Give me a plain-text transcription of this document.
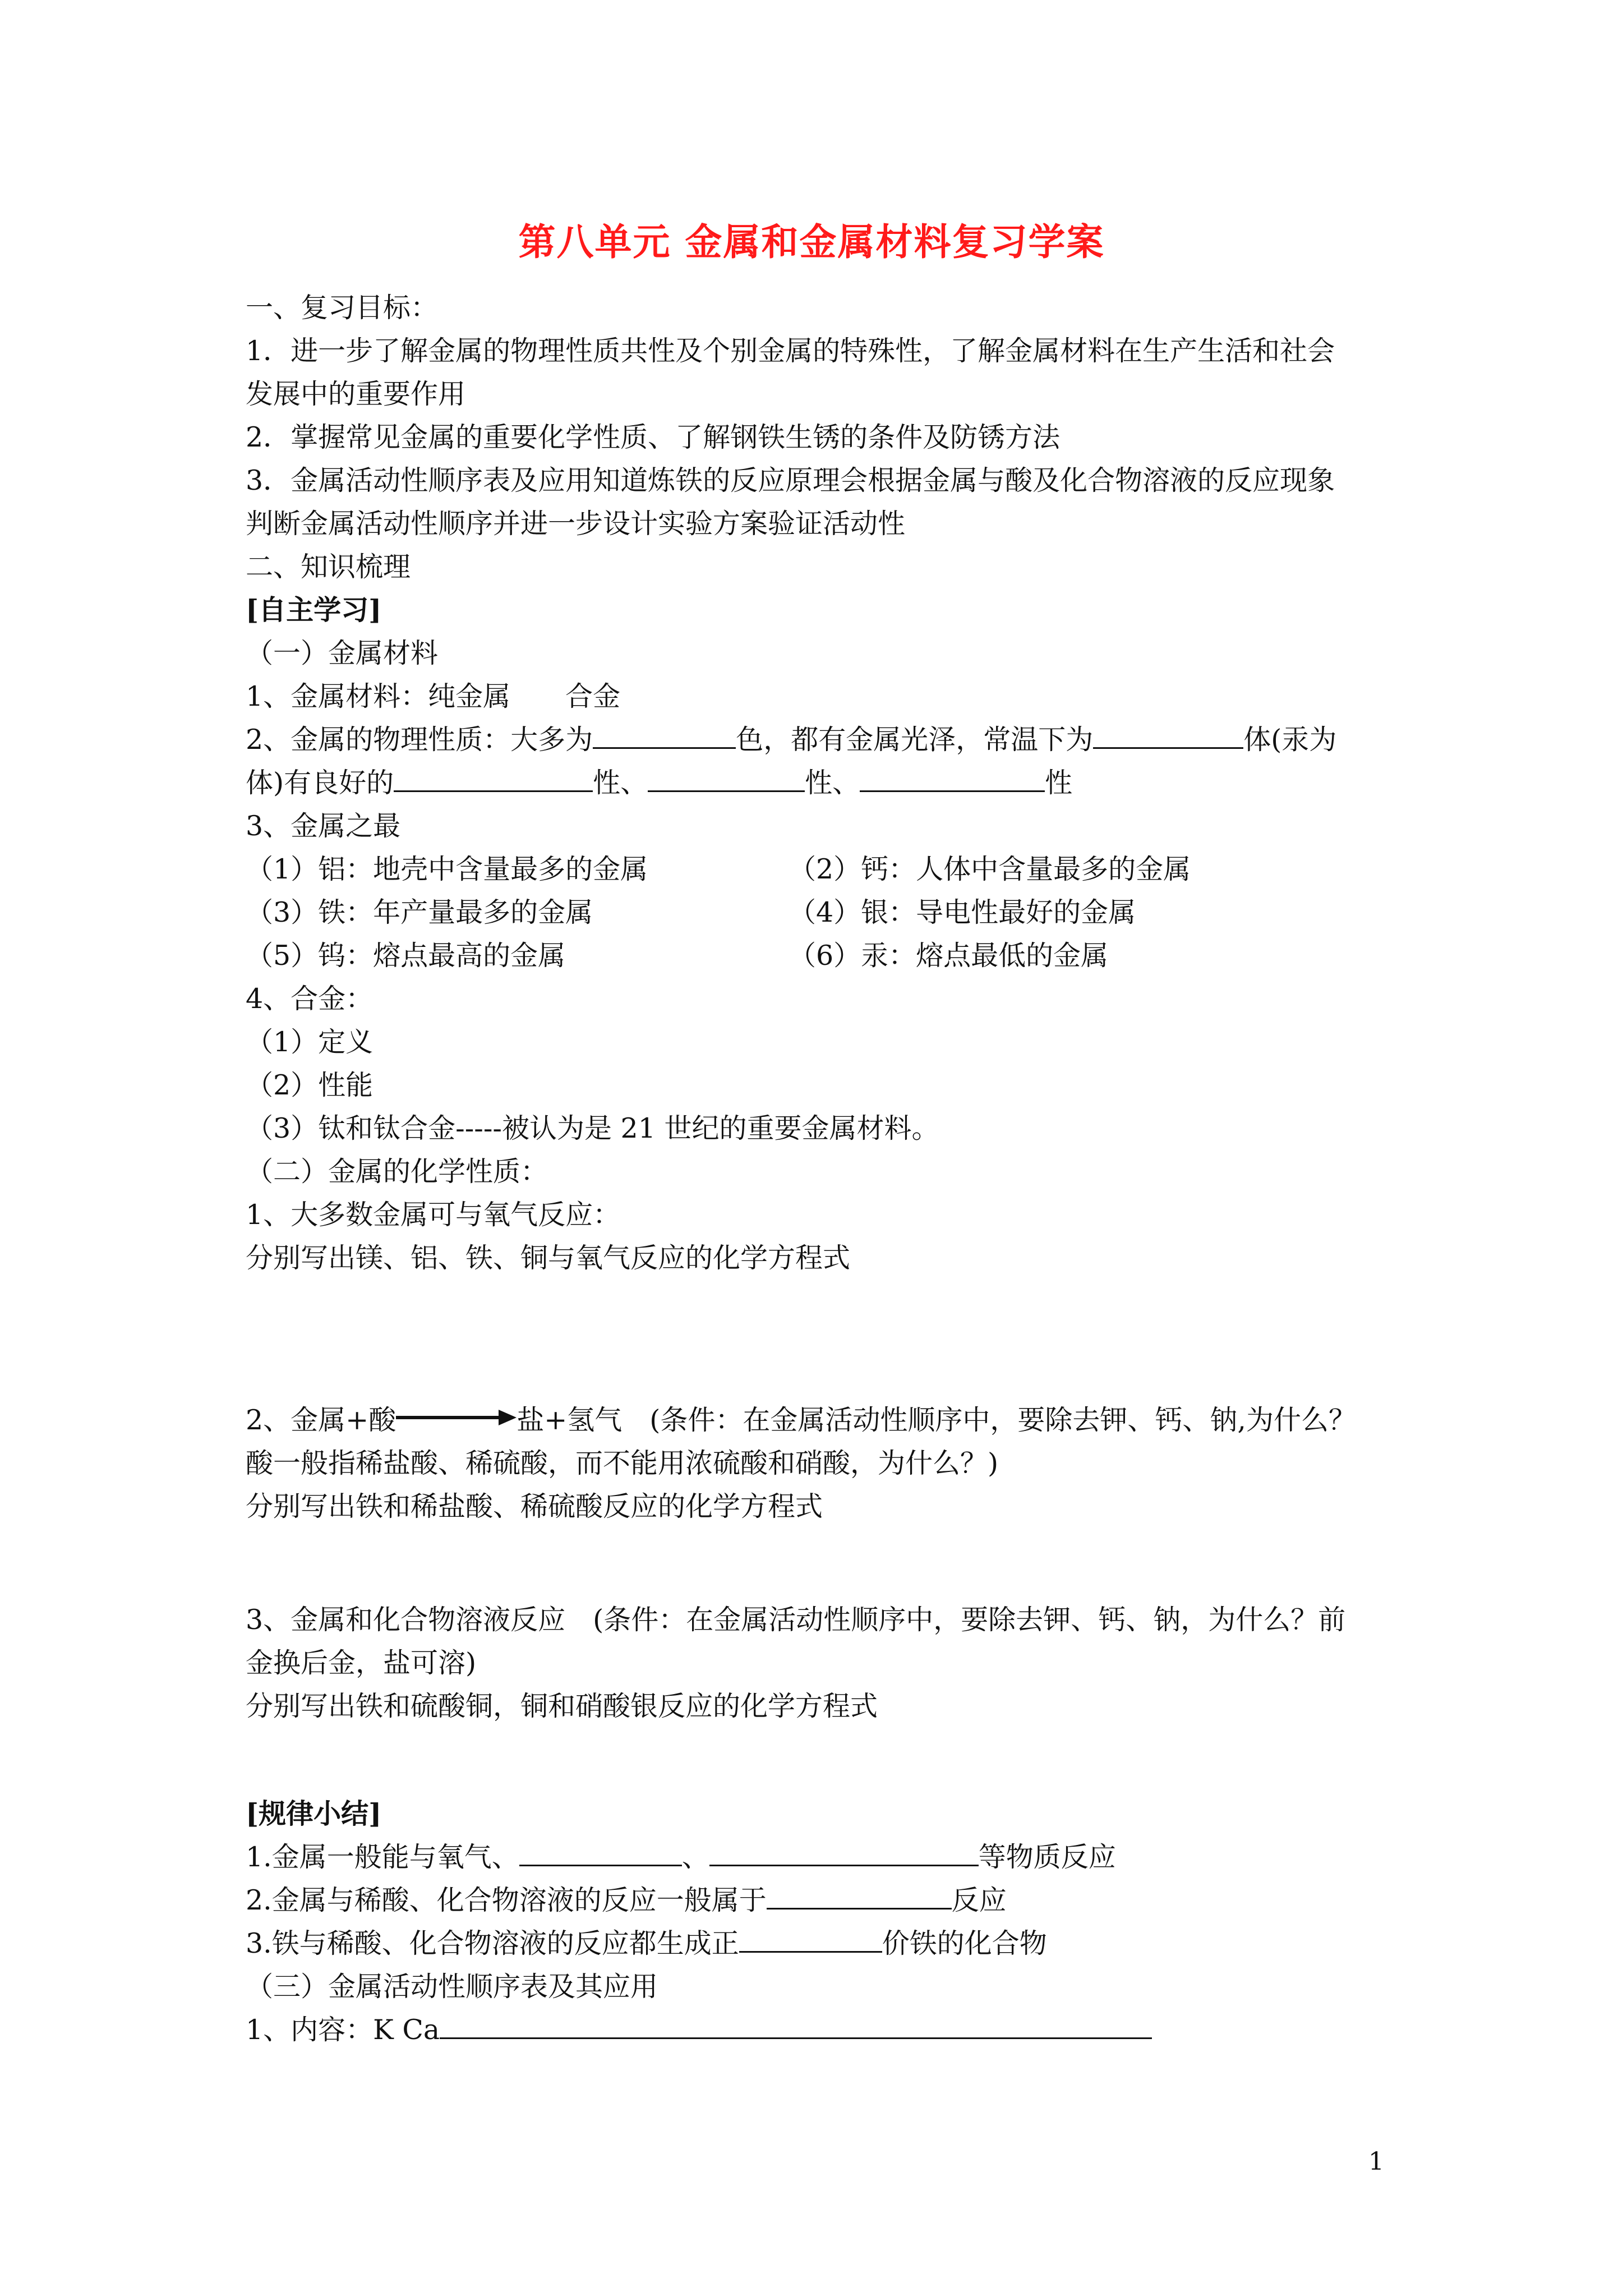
第八单元 金属和金属材料复习学案
一、复习目标：
1．进一步了解金属的物理性质共性及个别金属的特殊性，了解金属材料在生产生活和社会
发展中的重要作用
2．掌握常见金属的重要化学性质、了解钢铁生锈的条件及防锈方法
3．金属活动性顺序表及应用知道炼铁的反应原理会根据金属与酸及化合物溶液的反应现象
判断金属活动性顺序并进一步设计实验方案验证活动性
二、知识梳理
[自主学习]
（一）金属材料
1、金属材料：纯金属　　合金
2、金属的物理性质：大多为	色，都有金属光泽，常温下为	体(汞为
体)有良好的	性、	性、	性
3、金属之最
（1）铝：地壳中含量最多的金属	（2）钙：人体中含量最多的金属
（3）铁：年产量最多的金属	（4）银：导电性最好的金属
（5）钨：熔点最高的金属	（6）汞：熔点最低的金属
4、合金：
（1）定义
（2）性能
（3）钛和钛合金-----被认为是 21 世纪的重要金属材料。
（二）金属的化学性质：
1、大多数金属可与氧气反应：
分别写出镁、铝、铁、铜与氧气反应的化学方程式
2、金属+酸	盐+氢气　(条件：在金属活动性顺序中，要除去钾、钙、钠,为什么？
酸一般指稀盐酸、稀硫酸，而不能用浓硫酸和硝酸，为什么？)
分别写出铁和稀盐酸、稀硫酸反应的化学方程式
3、金属和化合物溶液反应　(条件：在金属活动性顺序中，要除去钾、钙、钠，为什么？前
金换后金，盐可溶)
分别写出铁和硫酸铜，铜和硝酸银反应的化学方程式
[规律小结]
1.金属一般能与氧气、	、	等物质反应
2.金属与稀酸、化合物溶液的反应一般属于	反应
3.铁与稀酸、化合物溶液的反应都生成正	价铁的化合物
（三）金属活动性顺序表及其应用
1、内容：K Ca
1
